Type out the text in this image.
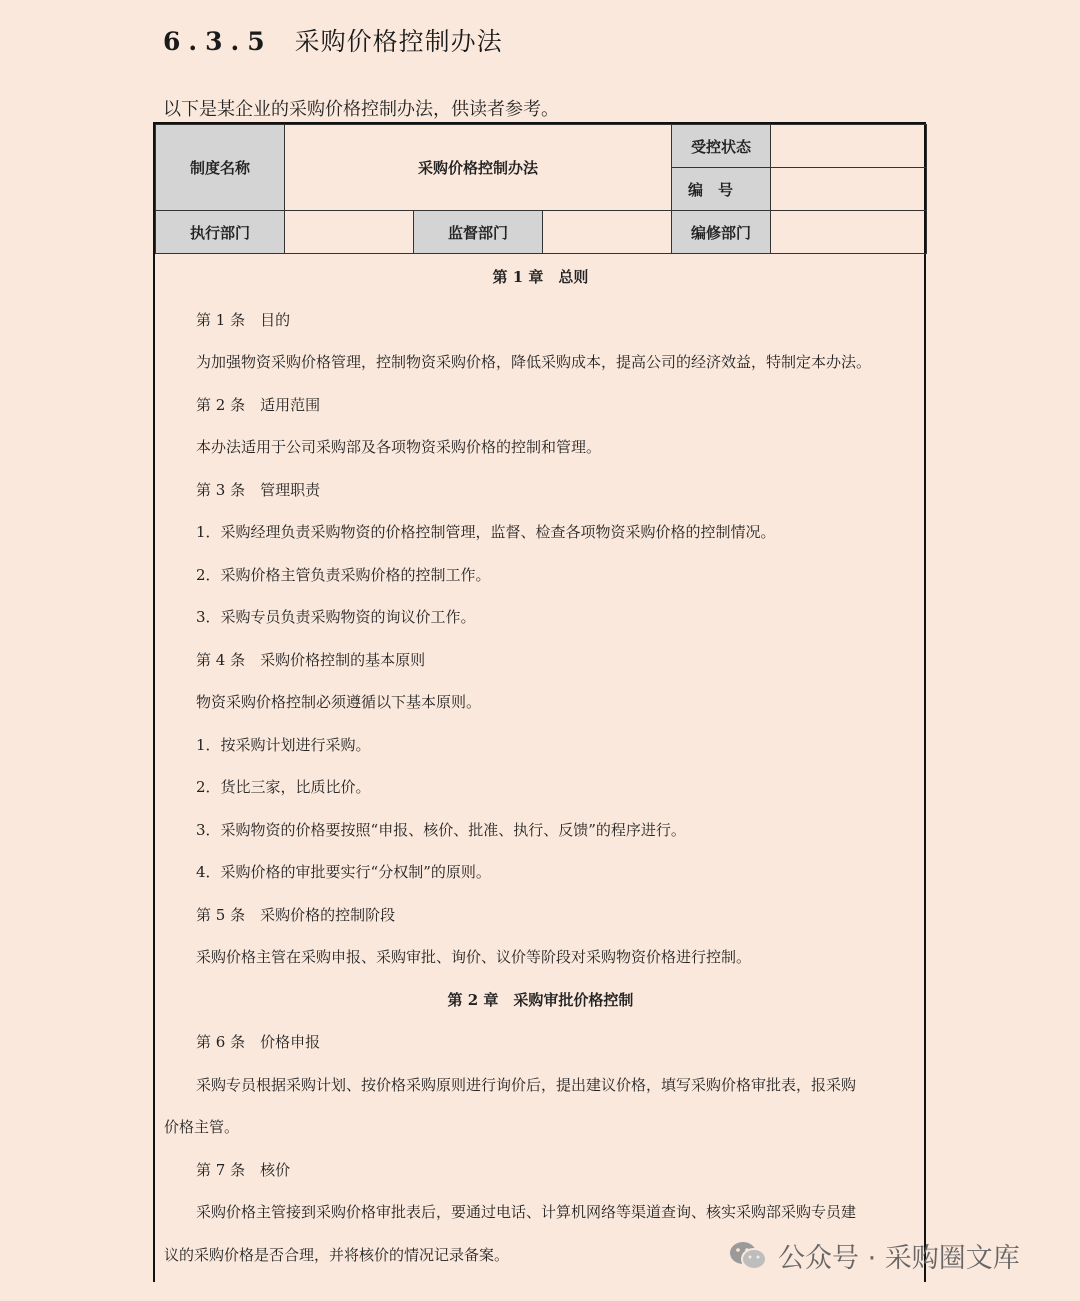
6.3.5 采购价格控制办法
以下是某企业的采购价格控制办法，供读者参考。
制度名称	采购价格控制办法			受控状态	
				编　号	
执行部门		监督部门		编修部门	
第 1 章　总则
第 1 条　目的
为加强物资采购价格管理，控制物资采购价格，降低采购成本，提高公司的经济效益，特制定本办法。
第 2 条　适用范围
本办法适用于公司采购部及各项物资采购价格的控制和管理。
第 3 条　管理职责
1．采购经理负责采购物资的价格控制管理，监督、检查各项物资采购价格的控制情况。
2．采购价格主管负责采购价格的控制工作。
3．采购专员负责采购物资的询议价工作。
第 4 条　采购价格控制的基本原则
物资采购价格控制必须遵循以下基本原则。
1．按采购计划进行采购。
2．货比三家，比质比价。
3．采购物资的价格要按照“申报、核价、批准、执行、反馈”的程序进行。
4．采购价格的审批要实行“分权制”的原则。
第 5 条　采购价格的控制阶段
采购价格主管在采购申报、采购审批、询价、议价等阶段对采购物资价格进行控制。
第 2 章　采购审批价格控制
第 6 条　价格申报
采购专员根据采购计划、按价格采购原则进行询价后，提出建议价格，填写采购价格审批表，报采购
价格主管。
第 7 条　核价
采购价格主管接到采购价格审批表后，要通过电话、计算机网络等渠道查询、核实采购部采购专员建
议的采购价格是否合理，并将核价的情况记录备案。	公众号 · 采购圈文库
